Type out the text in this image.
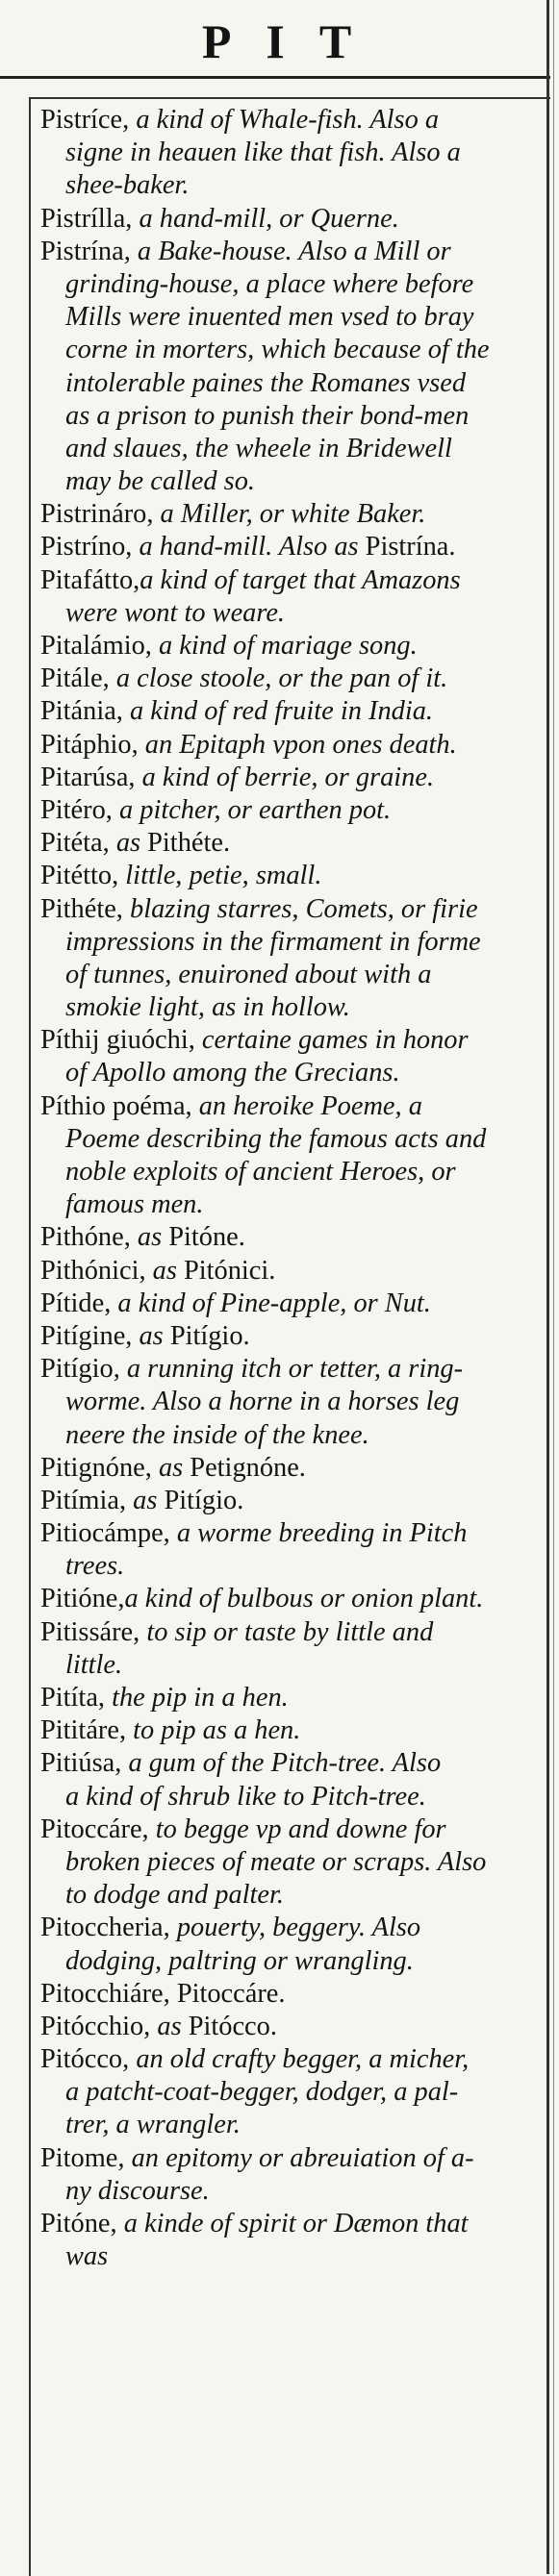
PIT
Pistríce, a kind of Whale-fish. Also a
signe in heauen like that fish. Also a
shee-baker.
Pistrílla, a hand-mill, or Querne.
Pistrína, a Bake-house. Also a Mill or
grinding-house, a place where before
Mills were inuented men vsed to bray
corne in morters, which because of the
intolerable paines the Romanes vsed
as a prison to punish their bond-men
and slaues, the wheele in Bridewell
may be called so.
Pistrináro, a Miller, or white Baker.
Pistríno, a hand-mill. Also as Pistrína.
Pitafátto,a kind of target that Amazons
were wont to weare.
Pitalámio, a kind of mariage song.
Pitále, a close stoole, or the pan of it.
Pitánia, a kind of red fruite in India.
Pitáphio, an Epitaph vpon ones death.
Pitarúsa, a kind of berrie, or graine.
Pitéro, a pitcher, or earthen pot.
Pitéta, as Pithéte.
Pitétto, little, petie, small.
Pithéte, blazing starres, Comets, or firie
impressions in the firmament in forme
of tunnes, enuironed about with a
smokie light, as in hollow.
Píthij giuóchi, certaine games in honor
of Apollo among the Grecians.
Píthio poéma, an heroike Poeme, a
Poeme describing the famous acts and
noble exploits of ancient Heroes, or
famous men.
Pithóne, as Pitóne.
Pithónici, as Pitónici.
Pítide, a kind of Pine-apple, or Nut.
Pitígine, as Pitígio.
Pitígio, a running itch or tetter, a ring-
worme. Also a horne in a horses leg
neere the inside of the knee.
Pitignóne, as Petignóne.
Pitímia, as Pitígio.
Pitiocámpe, a worme breeding in Pitch
trees.
Pitióne,a kind of bulbous or onion plant.
Pitissáre, to sip or taste by little and
little.
Pitíta, the pip in a hen.
Pititáre, to pip as a hen.
Pitiúsa, a gum of the Pitch-tree. Also
a kind of shrub like to Pitch-tree.
Pitoccáre, to begge vp and downe for
broken pieces of meate or scraps. Also
to dodge and palter.
Pitoccheria, pouerty, beggery. Also
dodging, paltring or wrangling.
Pitocchiáre, Pitoccáre.
Pitócchio, as Pitócco.
Pitócco, an old crafty begger, a micher,
a patcht-coat-begger, dodger, a pal-
trer, a wrangler.
Pitome, an epitomy or abreuiation of a-
ny discourse.
Pitóne, a kinde of spirit or Dæmon that
was
